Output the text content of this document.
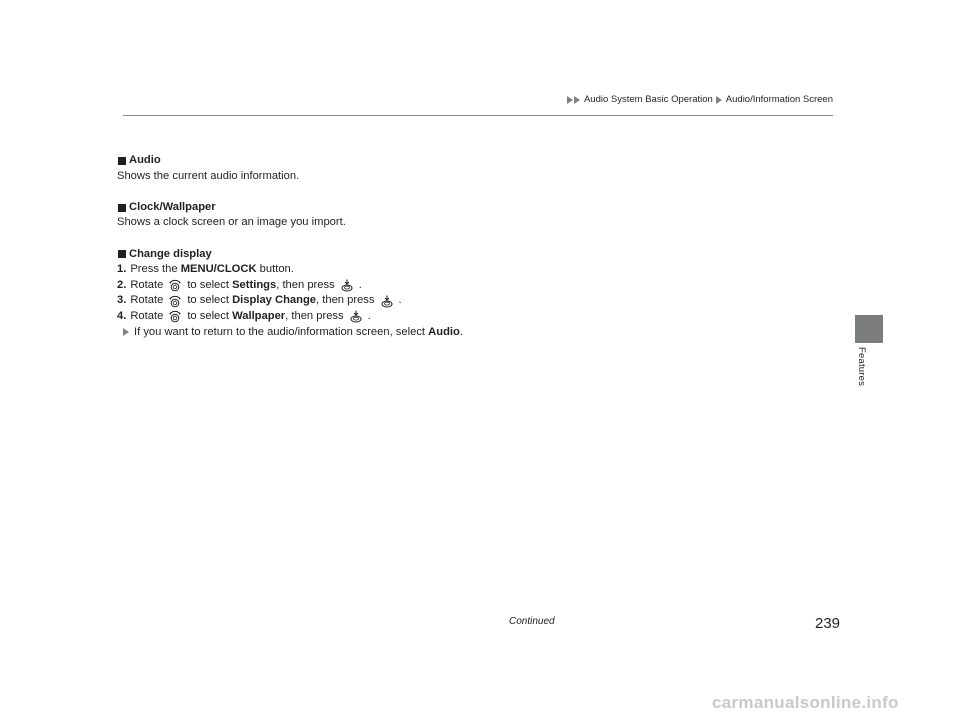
Audio System Basic Operation Audio/Information Screen
Features
Audio

Shows the current audio information.

Clock/Wallpaper

Shows a clock screen or an image you import.

Change display
1. Press the
MENU/CLOCK
button.
2. Rotate to select
Settings , then press .
3. Rotate to select
Display Change , then press .
4. Rotate to select
Wallpaper , then press .
If you want to return to the audio/information screen, select
Audio .
Continued	239
carmanualsonline.info
